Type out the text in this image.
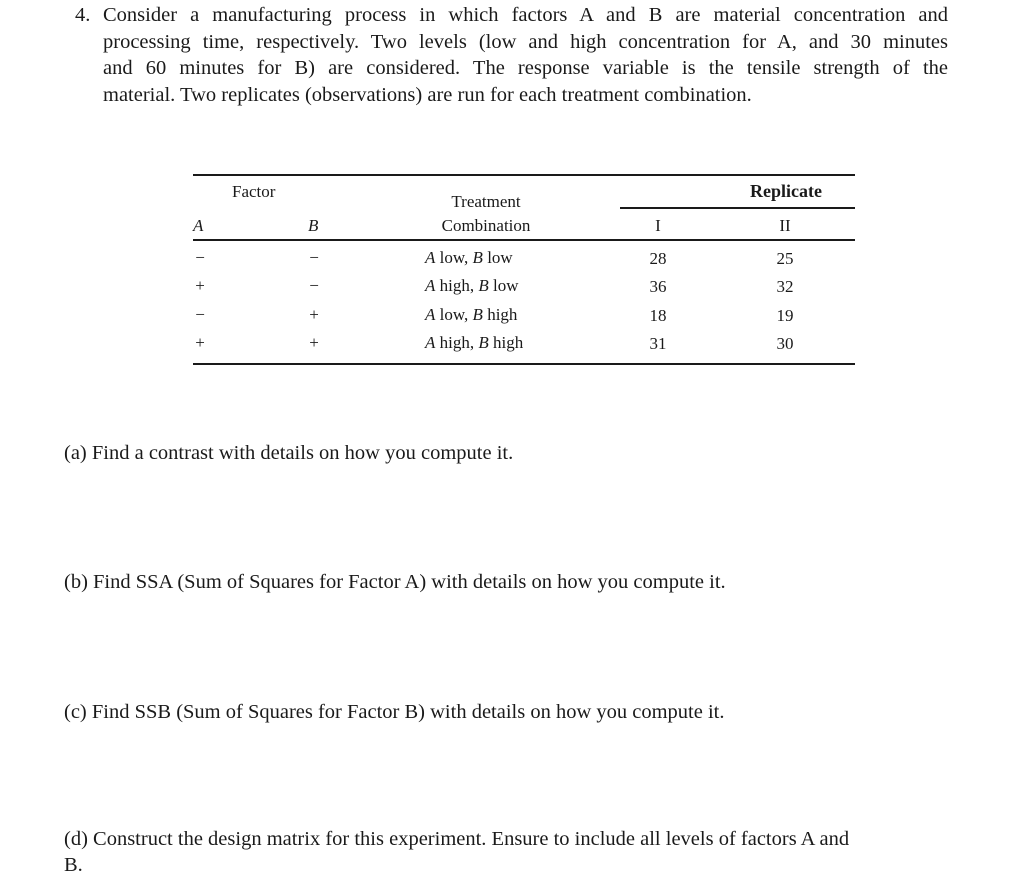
4. Consider a manufacturing process in which factors A and B are material concentration and
processing time, respectively. Two levels (low and high concentration for A, and 30 minutes
and 60 minutes for B) are considered. The response variable is the tensile strength of the
material. Two replicates (observations) are run for each treatment combination.
Factor
A	B
Treatment
Combination
Replicate
I	II
−	−	A low, B low	28	25
+	−	A high, B low	36	32
−	+	A low, B high	18	19
+	+	A high, B high	31	30
(a) Find a contrast with details on how you compute it.
(b) Find SSA (Sum of Squares for Factor A) with details on how you compute it.
(c) Find SSB (Sum of Squares for Factor B) with details on how you compute it.
(d) Construct the design matrix for this experiment. Ensure to include all levels of factors A and
B.
